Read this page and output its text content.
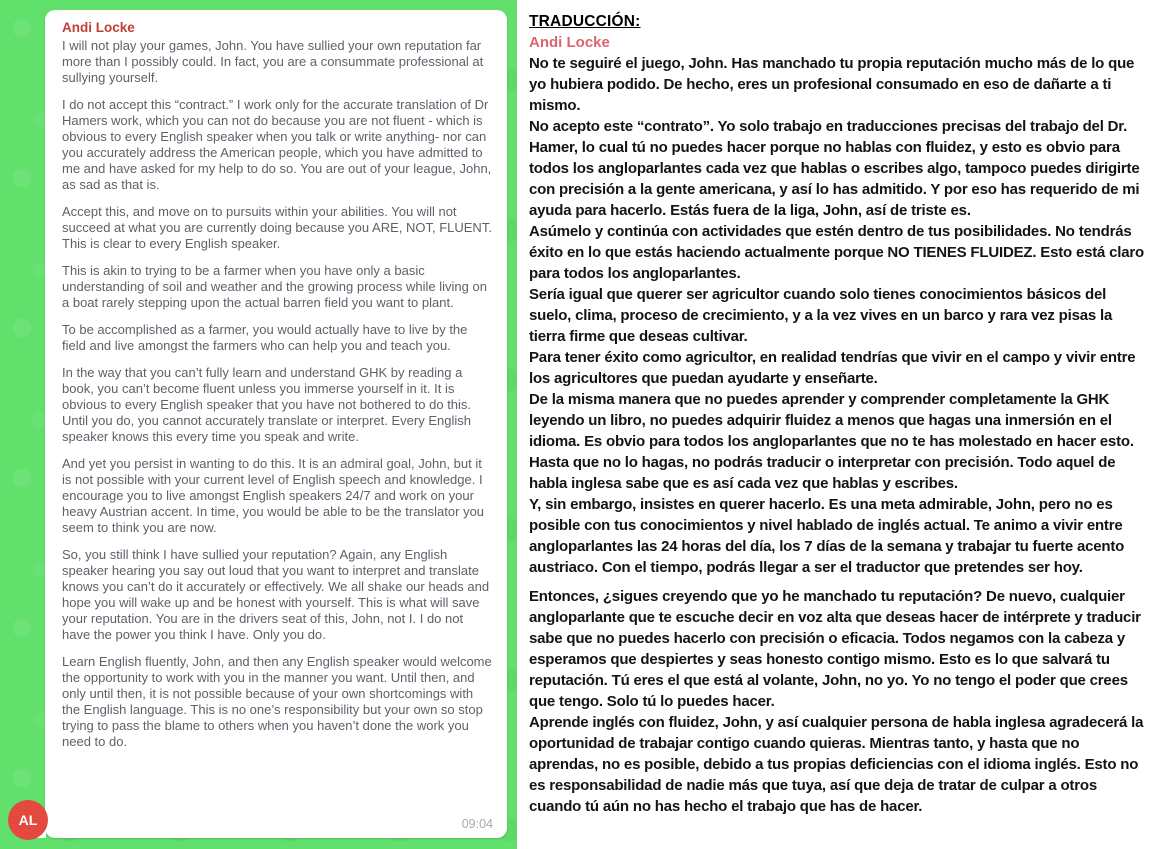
Andi Locke

I will not play your games, John. You have sullied your own reputation far more than I possibly could. In fact, you are a consummate professional at sullying yourself.

I do not accept this “contract.” I work only for the accurate translation of Dr Hamers work, which you can not do because you are not fluent - which is obvious to every English speaker when you talk or write anything- nor can you accurately address the American people, which you have admitted to me and have asked for my help to do so. You are out of your league, John, as sad as that is.

Accept this, and move on to pursuits within your abilities. You will not succeed at what you are currently doing because you ARE, NOT, FLUENT. This is clear to every English speaker.

This is akin to trying to be a farmer when you have only a basic understanding of soil and weather and the growing process while living on a boat rarely stepping upon the actual barren field you want to plant.

To be accomplished as a farmer, you would actually have to live by the field and live amongst the farmers who can help you and teach you.

In the way that you can’t fully learn and understand GHK by reading a book, you can’t become fluent unless you immerse yourself in it. It is obvious to every English speaker that you have not bothered to do this. Until you do, you cannot accurately translate or interpret. Every English speaker knows this every time you speak and write.

And yet you persist in wanting to do this. It is an admiral goal, John, but it is not possible with your current level of English speech and knowledge. I encourage you to live amongst English speakers 24/7 and work on your heavy Austrian accent. In time, you would be able to be the translator you seem to think you are now.

So, you still think I have sullied your reputation? Again, any English speaker hearing you say out loud that you want to interpret and translate knows you can’t do it accurately or effectively. We all shake our heads and hope you will wake up and be honest with yourself. This is what will save your reputation. You are in the drivers seat of this, John, not I. I do not have the power you think I have. Only you do.

Learn English fluently, John, and then any English speaker would welcome the opportunity to work with you in the manner you want. Until then, and only until then, it is not possible because of your own shortcomings with the English language. This is no one’s responsibility but your own so stop trying to pass the blame to others when you haven’t done the work you need to do.

09:04
AL
TRADUCCIÓN:
Andi Locke

No te seguiré el juego, John. Has manchado tu propia reputación mucho más de lo que yo hubiera podido. De hecho, eres un profesional consumado en eso de dañarte a ti mismo.

No acepto este “contrato”. Yo solo trabajo en traducciones precisas del trabajo del Dr. Hamer, lo cual tú no puedes hacer porque no hablas con fluidez, y esto es obvio para todos los angloparlantes cada vez que hablas o escribes algo, tampoco puedes dirigirte con precisión a la gente americana, y así lo has admitido. Y por eso has requerido de mi ayuda para hacerlo. Estás fuera de la liga, John, así de triste es.

Asúmelo y continúa con actividades que estén dentro de tus posibilidades. No tendrás éxito en lo que estás haciendo actualmente porque NO TIENES FLUIDEZ. Esto está claro para todos los angloparlantes.

Sería igual que querer ser agricultor cuando solo tienes conocimientos básicos del suelo, clima, proceso de crecimiento, y a la vez vives en un barco y rara vez pisas la tierra firme que deseas cultivar.

Para tener éxito como agricultor, en realidad tendrías que vivir en el campo y vivir entre los agricultores que puedan ayudarte y enseñarte.

De la misma manera que no puedes aprender y comprender completamente la GHK leyendo un libro, no puedes adquirir fluidez a menos que hagas una inmersión en el idioma. Es obvio para todos los angloparlantes que no te has molestado en hacer esto. Hasta que no lo hagas, no podrás traducir o interpretar con precisión. Todo aquel de habla inglesa sabe que es así cada vez que hablas y escribes.

Y, sin embargo, insistes en querer hacerlo. Es una meta admirable, John, pero no es posible con tus conocimientos y nivel hablado de inglés actual. Te animo a vivir entre angloparlantes las 24 horas del día, los 7 días de la semana y trabajar tu fuerte acento austriaco. Con el tiempo, podrás llegar a ser el traductor que pretendes ser hoy.

Entonces, ¿sigues creyendo que yo he manchado tu reputación? De nuevo, cualquier angloparlante que te escuche decir en voz alta que deseas hacer de intérprete y traducir sabe que no puedes hacerlo con precisión o eficacia. Todos negamos con la cabeza y esperamos que despiertes y seas honesto contigo mismo. Esto es lo que salvará tu reputación. Tú eres el que está al volante, John, no yo. Yo no tengo el poder que crees que tengo. Solo tú lo puedes hacer.

Aprende inglés con fluidez, John, y así cualquier persona de habla inglesa agradecerá la oportunidad de trabajar contigo cuando quieras. Mientras tanto, y hasta que no aprendas, no es posible, debido a tus propias deficiencias con el idioma inglés. Esto no es responsabilidad de nadie más que tuya, así que deja de tratar de culpar a otros cuando tú aún no has hecho el trabajo que has de hacer.
